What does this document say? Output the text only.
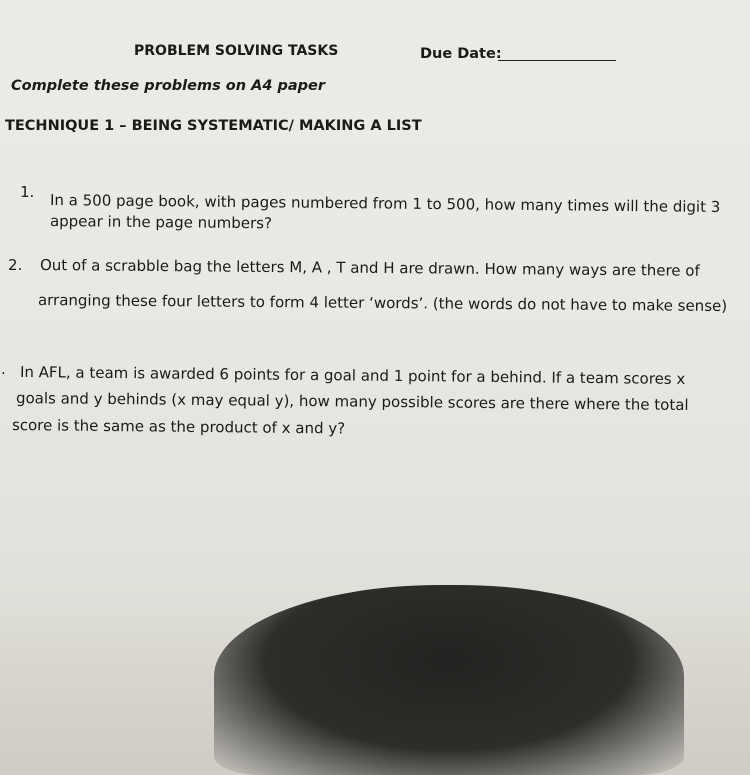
PROBLEM SOLVING TASKS	Due Date:
Complete these problems on A4 paper
TECHNIQUE 1 – BEING SYSTEMATIC/ MAKING A LIST
1. In a 500 page book, with pages numbered from 1 to 500, how many times will the digit 3
appear in the page numbers?
2. Out of a scrabble bag the letters M, A , T and H are drawn. How many ways are there of
arranging these four letters to form 4 letter ‘words’. (the words do not have to make sense)
. In AFL, a team is awarded 6 points for a goal and 1 point for a behind. If a team scores x
goals and y behinds (x may equal y), how many possible scores are there where the total
score is the same as the product of x and y?
